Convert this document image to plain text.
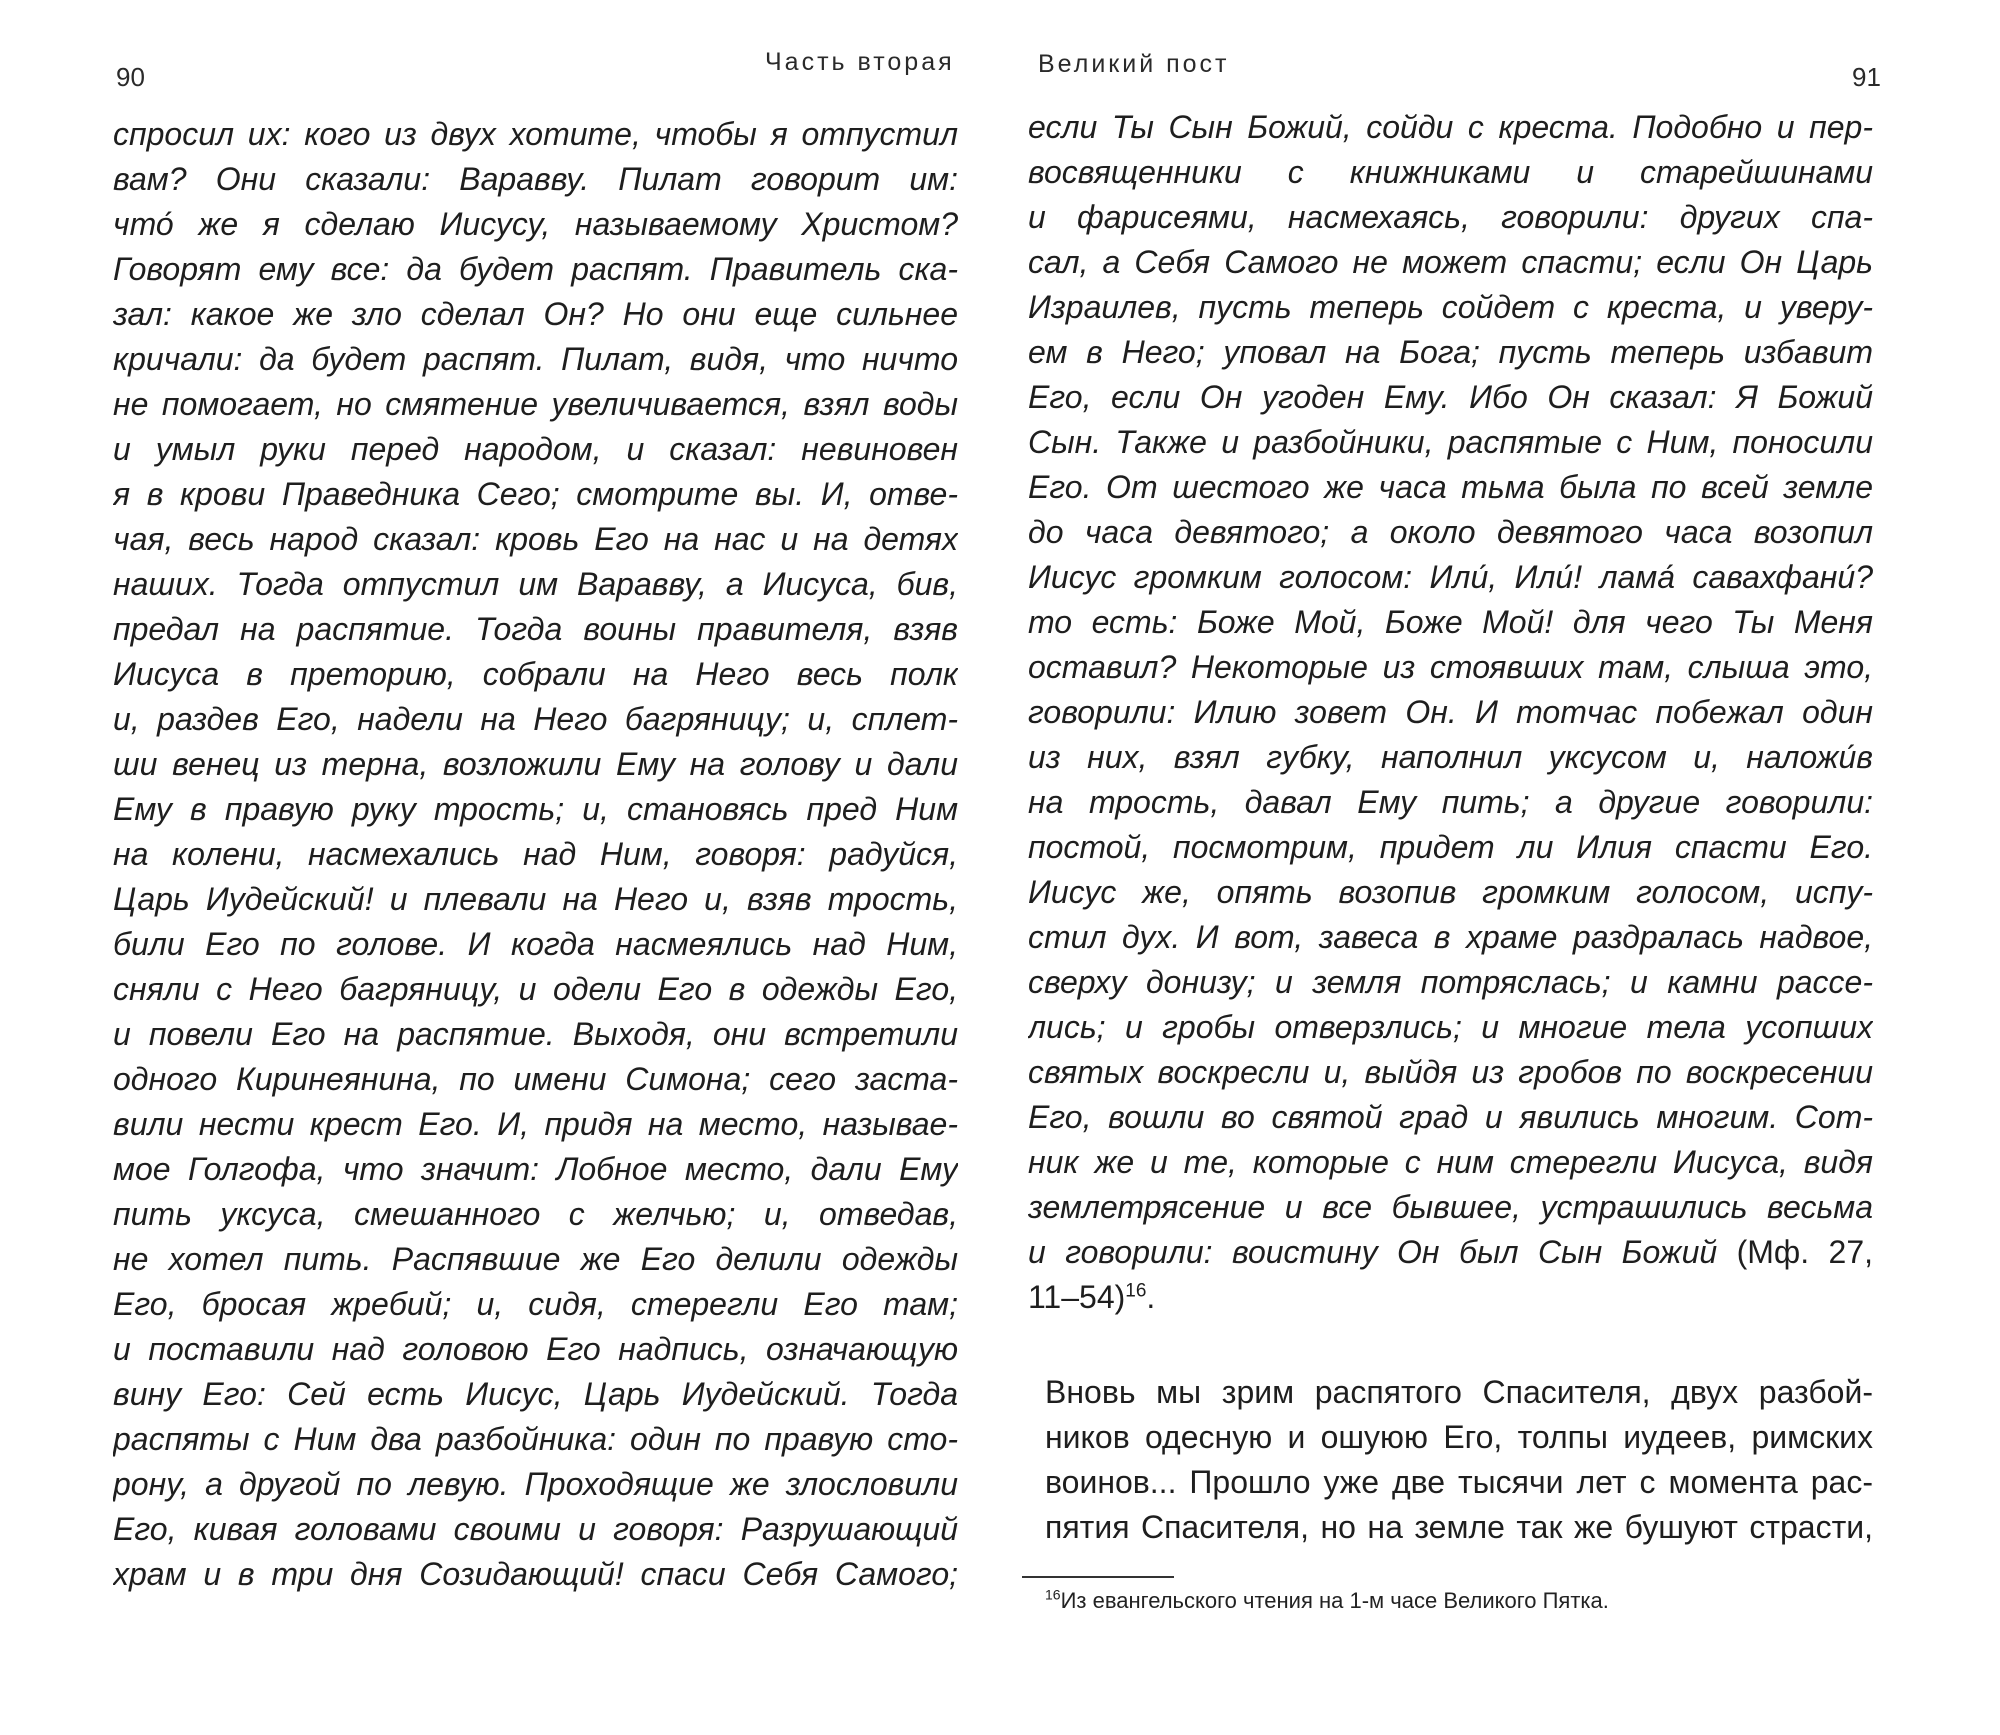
90	Часть вторая
спросил их: кого из двух хотите, чтобы я отпустил
вам? Они сказали: Варавву. Пилат говорит им:
что́ же я сделаю Иисусу, называемому Христом?
Говорят ему все: да будет распят. Правитель ска-
зал: какое же зло сделал Он? Но они еще сильнее
кричали: да будет распят. Пилат, видя, что ничто
не помогает, но смятение увеличивается, взял воды
и умыл руки перед народом, и сказал: невиновен
я в крови Праведника Сего; смотрите вы. И, отве-
чая, весь народ сказал: кровь Его на нас и на детях
наших. Тогда отпустил им Варавву, а Иисуса, бив,
предал на распятие. Тогда воины правителя, взяв
Иисуса в преторию, собрали на Него весь полк
и, раздев Его, надели на Него багряницу; и, сплет-
ши венец из терна, возложили Ему на голову и дали
Ему в правую руку трость; и, становясь пред Ним
на колени, насмехались над Ним, говоря: радуйся,
Царь Иудейский! и плевали на Него и, взяв трость,
били Его по голове. И когда насмеялись над Ним,
сняли с Него багряницу, и одели Его в одежды Его,
и повели Его на распятие. Выходя, они встретили
одного Киринеянина, по имени Симона; сего заста-
вили нести крест Его. И, придя на место, называе-
мое Голгофа, что значит: Лобное место, дали Ему
пить уксуса, смешанного с желчью; и, отведав,
не хотел пить. Распявшие же Его делили одежды
Его, бросая жребий; и, сидя, стерегли Его там;
и поставили над головою Его надпись, означающую
вину Его: Сей есть Иисус, Царь Иудейский. Тогда
распяты с Ним два разбойника: один по правую сто-
рону, а другой по левую. Проходящие же злословили
Его, кивая головами своими и говоря: Разрушающий
храм и в три дня Созидающий! спаси Себя Самого;
Великий пост	91
если Ты Сын Божий, сойди с креста. Подобно и пер-
восвященники с книжниками и старейшинами
и фарисеями, насмехаясь, говорили: других спа-
сал, а Себя Самого не может спасти; если Он Царь
Израилев, пусть теперь сойдет с креста, и уверу-
ем в Него; уповал на Бога; пусть теперь избавит
Его, если Он угоден Ему. Ибо Он сказал: Я Божий
Сын. Также и разбойники, распятые с Ним, поносили
Его. От шестого же часа тьма была по всей земле
до часа девятого; а около девятого часа возопил
Иисус громким голосом: Или́, Или́! лама́ савахфани́?
то есть: Боже Мой, Боже Мой! для чего Ты Меня
оставил? Некоторые из стоявших там, слыша это,
говорили: Илию зовет Он. И тотчас побежал один
из них, взял губку, наполнил уксусом и, наложи́в
на трость, давал Ему пить; а другие говорили:
постой, посмотрим, придет ли Илия спасти Его.
Иисус же, опять возопив громким голосом, испу-
стил дух. И вот, завеса в храме раздралась надвое,
сверху донизу; и земля потряслась; и камни рассе-
лись; и гробы отверзлись; и многие тела усопших
святых воскресли и, выйдя из гробов по воскресении
Его, вошли во святой град и явились многим. Сот-
ник же и те, которые с ним стерегли Иисуса, видя
землетрясение и все бывшее, устрашились весьма
и говорили: воистину Он был Сын Божий (Мф. 27,
11–54)$^{16}$.
Вновь мы зрим распятого Спасителя, двух разбой-
ников одесную и ошуюю Его, толпы иудеев, римских
воинов... Прошло уже две тысячи лет с момента рас-
пятия Спасителя, но на земле так же бушуют страсти,
$^{16}$Из евангельского чтения на 1-м часе Великого Пятка.
